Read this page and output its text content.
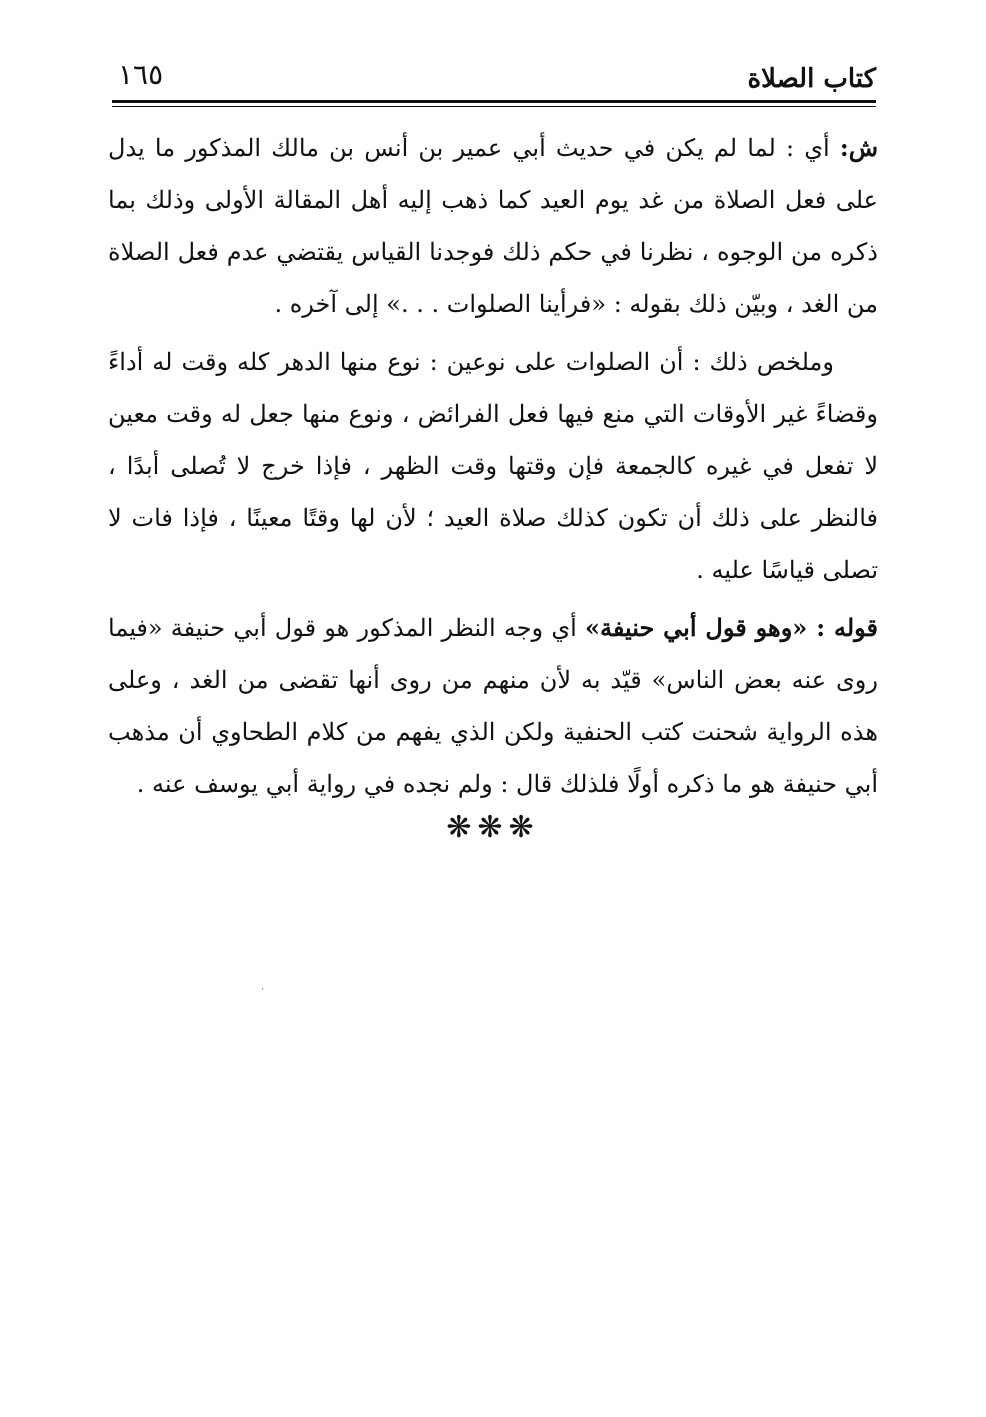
كتاب الصلاة
١٦٥

ش: أي : لما لم يكن في حديث أبي عمير بن أنس بن مالك المذكور ما يدل على فعل الصلاة من غد يوم العيد كما ذهب إليه أهل المقالة الأولى وذلك بما ذكره من الوجوه ، نظرنا في حكم ذلك فوجدنا القياس يقتضي عدم فعل الصلاة من الغد ، وبيّن ذلك بقوله : «فرأينا الصلوات . . .» إلى آخره .

وملخص ذلك : أن الصلوات على نوعين : نوع منها الدهر كله وقت له أداءً وقضاءً غير الأوقات التي منع فيها فعل الفرائض ، ونوع منها جعل له وقت معين لا تفعل في غيره كالجمعة فإن وقتها وقت الظهر ، فإذا خرج لا تُصلى أبدًا ، فالنظر على ذلك أن تكون كذلك صلاة العيد ؛ لأن لها وقتًا معينًا ، فإذا فات لا تصلى قياسًا عليه .

قوله : «وهو قول أبي حنيفة» أي وجه النظر المذكور هو قول أبي حنيفة «فيما روى عنه بعض الناس» قيّد به لأن منهم من روى أنها تقضى من الغد ، وعلى هذه الرواية شحنت كتب الحنفية ولكن الذي يفهم من كلام الطحاوي أن مذهب أبي حنيفة هو ما ذكره أولًا فلذلك قال : ولم نجده في رواية أبي يوسف عنه .

❋❋❋
